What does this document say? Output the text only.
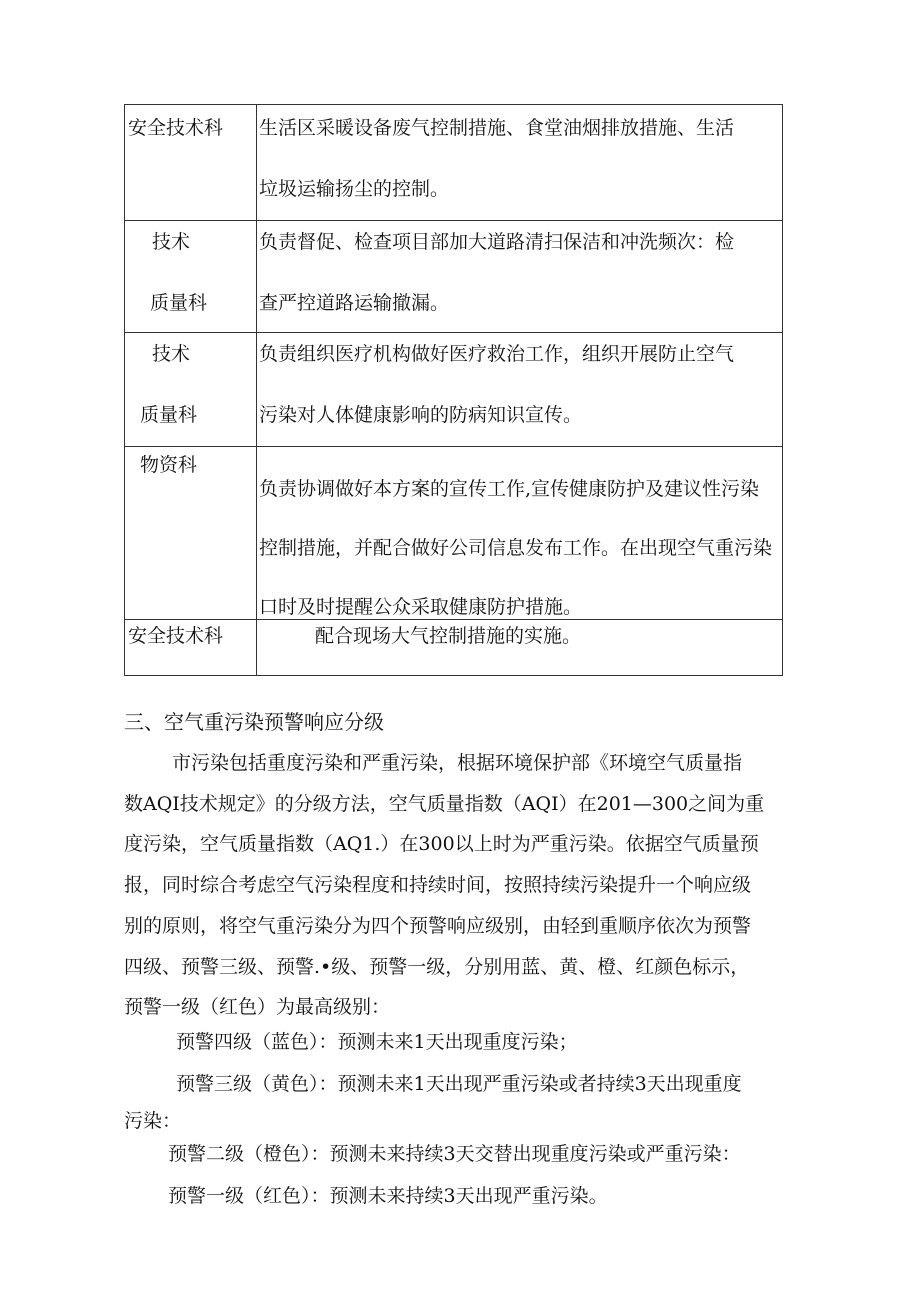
安全技术科	生活区采暖设备废气控制措施、食堂油烟排放措施、生活
垃圾运输扬尘的控制。

技术
质量科	负责督促、检查项目部加大道路清扫保洁和冲洗频次：检
查严控道路运输撤漏。

技术
质量科	负责组织医疗机构做好医疗救治工作，组织开展防止空气
污染对人体健康影响的防病知识宣传。

物资科	负责协调做好本方案的宣传工作,宣传健康防护及建议性污染
控制措施，并配合做好公司信息发布工作。在出现空气重污染
口时及时提醒公众采取健康防护措施。

安全技术科	配合现场大气控制措施的实施。
三、空气重污染预警响应分级
市污染包括重度污染和严重污染，根据环境保护部《环境空气质量指
数AQI技术规定》的分级方法，空气质量指数（AQI）在201—300之间为重
度污染，空气质量指数（AQ1.）在300以上时为严重污染。依据空气质量预
报，同时综合考虑空气污染程度和持续时间，按照持续污染提升一个响应级
别的原则，将空气重污染分为四个预警响应级别，由轻到重顺序依次为预警
四级、预警三级、预警.•级、预警一级，分别用蓝、黄、橙、红颜色标示，
预警一级（红色）为最高级别：

预警四级（蓝色）：预测未来1天出现重度污染；

预警三级（黄色）：预测未来1天出现严重污染或者持续3天出现重度

污染：

预警二级（橙色）：预测未来持续3天交替出现重度污染或严重污染：

预警一级（红色）：预测未来持续3天出现严重污染。
